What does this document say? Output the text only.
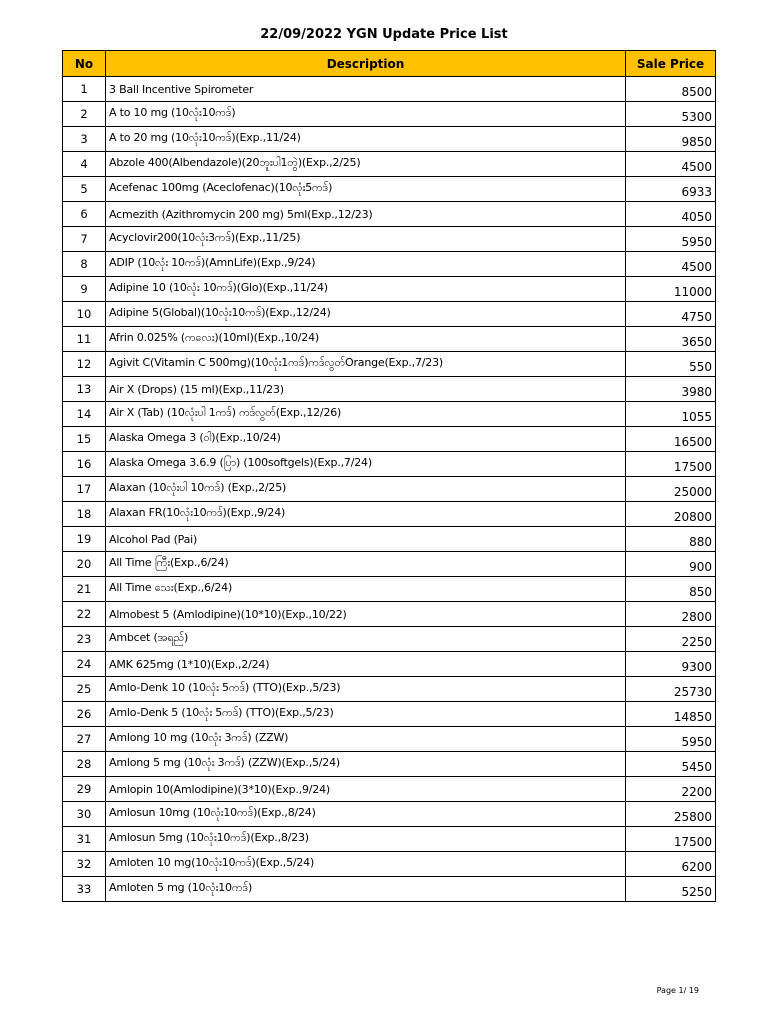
22/09/2022 YGN Update Price List
No	Description	Sale Price
1	3 Ball Incentive Spirometer	8500
2	A to 10 mg (10လုံး10ကဒ်)	5300
3	A to 20 mg (10လုံး10ကဒ်)(Exp.,11/24)	9850
4	Abzole 400(Albendazole)(20ဘူးပါ1တွဲ)(Exp.,2/25)	4500
5	Acefenac 100mg (Aceclofenac)(10လုံး5ကဒ်)	6933
6	Acmezith (Azithromycin 200 mg) 5ml(Exp.,12/23)	4050
7	Acyclovir200(10လုံး3ကဒ်)(Exp.,11/25)	5950
8	ADIP (10လုံး 10ကဒ်)(AmnLife)(Exp.,9/24)	4500
9	Adipine 10 (10လုံး 10ကဒ်)(Glo)(Exp.,11/24)	11000
10	Adipine 5(Global)(10လုံး10ကဒ်)(Exp.,12/24)	4750
11	Afrin 0.025% (ကလေး)(10ml)(Exp.,10/24)	3650
12	Agivit C(Vitamin C 500mg)(10လုံး1ကဒ်)ကဒ်လွတ်Orange(Exp.,7/23)	550
13	Air X (Drops) (15 ml)(Exp.,11/23)	3980
14	Air X (Tab) (10လုံးပါ 1ကဒ်) ကဒ်လွတ်(Exp.,12/26)	1055
15	Alaska Omega 3 (ဝါ)(Exp.,10/24)	16500
16	Alaska Omega 3.6.9 (ပြာ) (100softgels)(Exp.,7/24)	17500
17	Alaxan (10လုံးပါ 10ကဒ်) (Exp.,2/25)	25000
18	Alaxan FR(10လုံး10ကဒ်)(Exp.,9/24)	20800
19	Alcohol Pad (Pai)	880
20	All Time ကြီး(Exp.,6/24)	900
21	All Time သေး(Exp.,6/24)	850
22	Almobest 5 (Amlodipine)(10*10)(Exp.,10/22)	2800
23	Ambcet (အရည်)	2250
24	AMK 625mg (1*10)(Exp.,2/24)	9300
25	Amlo-Denk 10 (10လုံး 5ကဒ်) (TTO)(Exp.,5/23)	25730
26	Amlo-Denk 5 (10လုံး 5ကဒ်) (TTO)(Exp.,5/23)	14850
27	Amlong 10 mg (10လုံး 3ကဒ်) (ZZW)	5950
28	Amlong 5 mg (10လုံး 3ကဒ်) (ZZW)(Exp.,5/24)	5450
29	Amlopin 10(Amlodipine)(3*10)(Exp.,9/24)	2200
30	Amlosun 10mg (10လုံး10ကဒ်)(Exp.,8/24)	25800
31	Amlosun 5mg (10လုံး10ကဒ်)(Exp.,8/23)	17500
32	Amloten 10 mg(10လုံး10ကဒ်)(Exp.,5/24)	6200
33	Amloten 5 mg (10လုံး10ကဒ်)	5250
Page 1/ 19
